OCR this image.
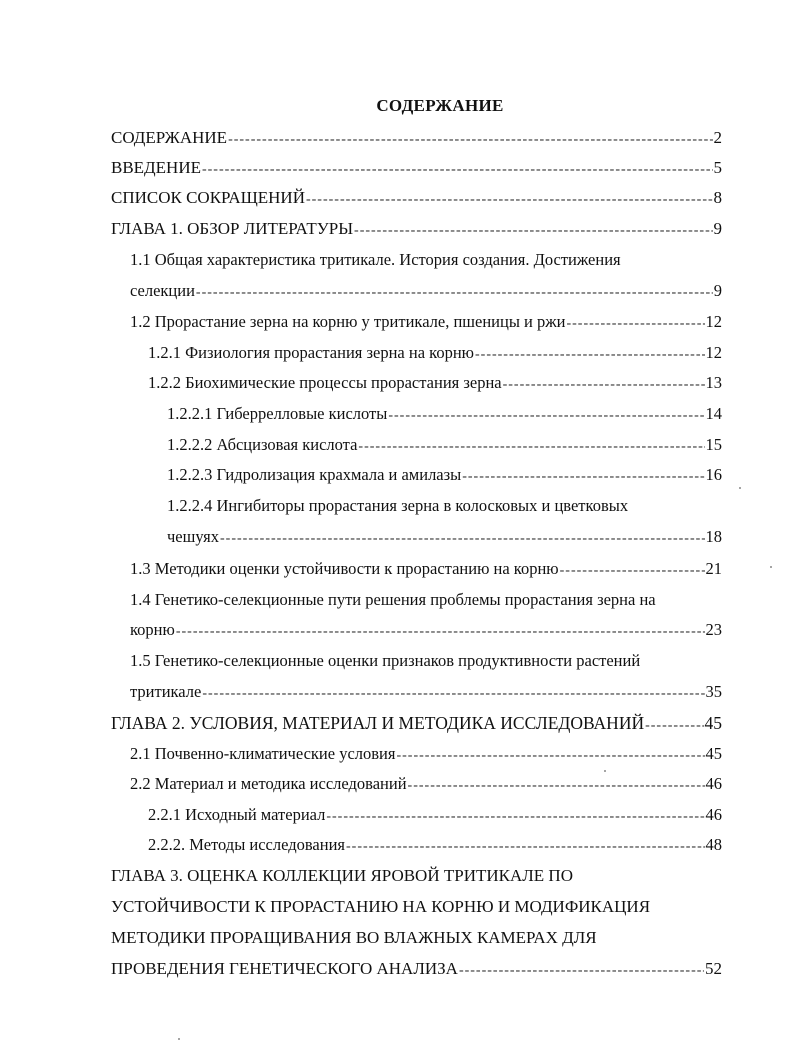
СОДЕРЖАНИЕ
СОДЕРЖАНИЕ -----	2
ВВЕДЕНИЕ -----	5
СПИСОК СОКРАЩЕНИЙ -----	8
ГЛАВА 1. ОБЗОР ЛИТЕРАТУРЫ -----	9
1.1 Общая характеристика тритикале. История создания. Достижения
селекции -----	9
1.2 Прорастание зерна на корню у тритикале, пшеницы и ржи -----	12
1.2.1 Физиология прорастания зерна на корню -----	12
1.2.2 Биохимические процессы прорастания зерна -----	13
1.2.2.1 Гиберрелловые кислоты -----	14
1.2.2.2 Абсцизовая кислота -----	15
1.2.2.3 Гидролизация крахмала и амилазы -----	16
1.2.2.4 Ингибиторы прорастания зерна в колосковых и цветковых
чешуях -----	18
1.3 Методики оценки устойчивости к прорастанию на корню -----	21
1.4 Генетико-селекционные пути решения проблемы прорастания зерна на
корню -----	23
1.5 Генетико-селекционные оценки признаков продуктивности растений
тритикале -----	35
ГЛАВА 2. УСЛОВИЯ, МАТЕРИАЛ И МЕТОДИКА ИССЛЕДОВАНИЙ -----	45
2.1 Почвенно-климатические условия -----	45
2.2 Материал и методика исследований -----	46
2.2.1 Исходный материал -----	46
2.2.2. Методы исследования -----	48
ГЛАВА 3. ОЦЕНКА КОЛЛЕКЦИИ ЯРОВОЙ ТРИТИКАЛЕ ПО
УСТОЙЧИВОСТИ К ПРОРАСТАНИЮ НА КОРНЮ И МОДИФИКАЦИЯ
МЕТОДИКИ ПРОРАЩИВАНИЯ ВО ВЛАЖНЫХ КАМЕРАХ ДЛЯ
ПРОВЕДЕНИЯ ГЕНЕТИЧЕСКОГО АНАЛИЗА -----	52
